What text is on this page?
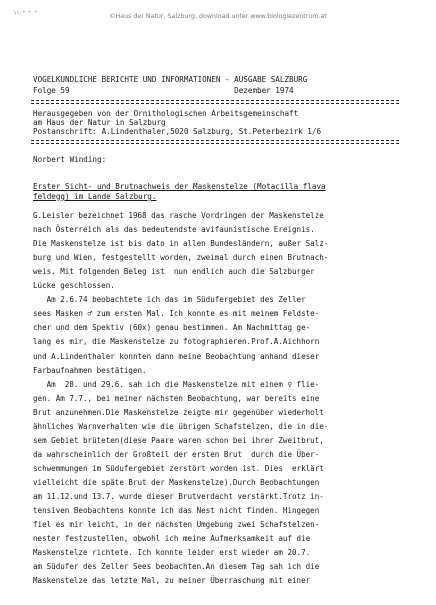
\\ * * *
©Haus der Natur, Salzburg; download unter www.biologiezentrum.at
VOGELKUNDLICHE BERICHTE UND INFORMATIONEN - AUSGABE SALZBURG
Folge 59                                    Dezember 1974
Herausgegeben von der Ornithologischen Arbeitsgemeinschaft
am Haus der Natur in Salzburg
Postanschrift: A.Lindenthaler,5020 Salzburg, St.Peterbezirk 1/6
Norbert Winding:
Erster Sicht- und Brutnachweis der Maskenstelze (Motacilla flava
feldegg) im Lande Salzburg.
G.Leisler bezeichnet 1968 das rasche Vordringen der Maskenstelze
nach Österreich als das bedeutendste avifaunistische Ereignis.
Die Maskenstelze ist bis dato in allen Bundesländern, außer Salz-
burg und Wien, festgestellt worden, zweimal durch einen Brutnach-
weis. Mit folgenden Beleg ist  nun endlich auch die Salzburger
Lücke geschlossen.
Am 2.6.74 beobachtete ich das im Südufergebiet des Zeller
sees Masken ♂ zum ersten Mal. Ich konnte es mit meinem Feldste-
cher und dem Spektiv (60x) genau bestimmen. Am Nachmittag ge-
lang es mir, die Maskenstelze zu fotographieren.Prof.A.Aichhorn
und A.Lindenthaler konnten dann meine Beobachtung anhand dieser
Farbaufnahmen bestätigen.
Am  28. und 29.6. sah ich die Maskenstelze mit einem ♀ flie-
gen. Am 7.7., bei meiner nächsten Beobachtung, war bereits eine
Brut anzunehmen.Die Maskenstelze zeigte mir gegenüber wiederholt
ähnliches Warnverhalten wie die übrigen Schafstelzen, die in die-
sem Gebiet brüteten(diese Paare waren schon bei ihrer Zweitbrut,
da wahrscheinlich der Großteil der ersten Brut  durch die Über-
schwemmungen im Südufergebiet zerstört worden ist. Dies  erklärt
vielleicht die späte Brut der Maskenstelze).Durch Beobachtungen
am 11.12.und 13.7. wurde dieser Brutverdacht verstärkt.Trotz in-
tensiven Beobachtens konnte ich das Nest nicht finden. Hingegen
fiel es mir leicht, in der nächsten Umgebung zwei Schafstelzen-
nester festzustellen, obwohl ich meine Aufmerksamkeit auf die
Maskenstelze richtete. Ich konnte leider erst wieder am 20.7.
am Südufer des Zeller Sees beobachten.An diesem Tag sah ich die
Maskenstelze das letzte Mal, zu meiner Überraschung mit einer
